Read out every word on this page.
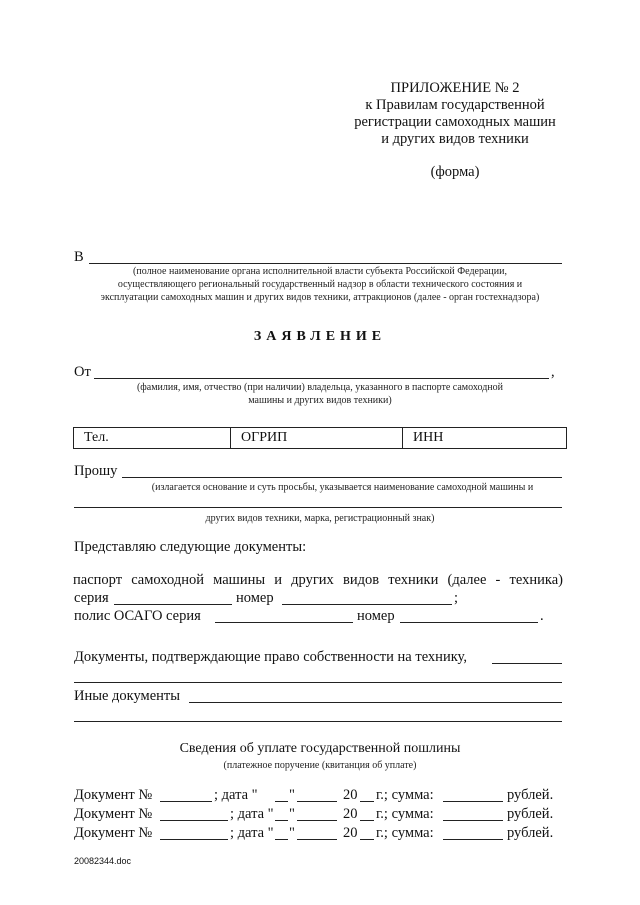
ПРИЛОЖЕНИЕ № 2
к Правилам государственной
регистрации самоходных машин
и других видов техники
(форма)
В
(полное наименование органа исполнительной власти субъекта Российской Федерации,
осуществляющего региональный государственный надзор в области технического состояния и
эксплуатации самоходных машин и других видов техники, аттракционов (далее - орган гостехнадзора)
ЗАЯВЛЕНИЕ
От	,
(фамилия, имя, отчество (при наличии) владельца, указанного в паспорте самоходной
машины и других видов техники)
Тел.	ОГРИП	ИНН
Прошу
(излагается основание и суть просьбы, указывается наименование самоходной машины и
других видов техники, марка, регистрационный знак)
Представляю следующие документы:
паспорт самоходной машины и других видов техники (далее - техника)
серия	номер	;
полис ОСАГО серия	номер	.
Документы, подтверждающие право собственности на технику,
Иные документы
Сведения об уплате государственной пошлины
(платежное поручение (квитанция об уплате)
Документ №	; дата " "	20 г.; сумма:	рублей.
Документ №	; дата " "	20 г.; сумма:	рублей.
Документ №	; дата " "	20 г.; сумма:	рублей.
20082344.doc
